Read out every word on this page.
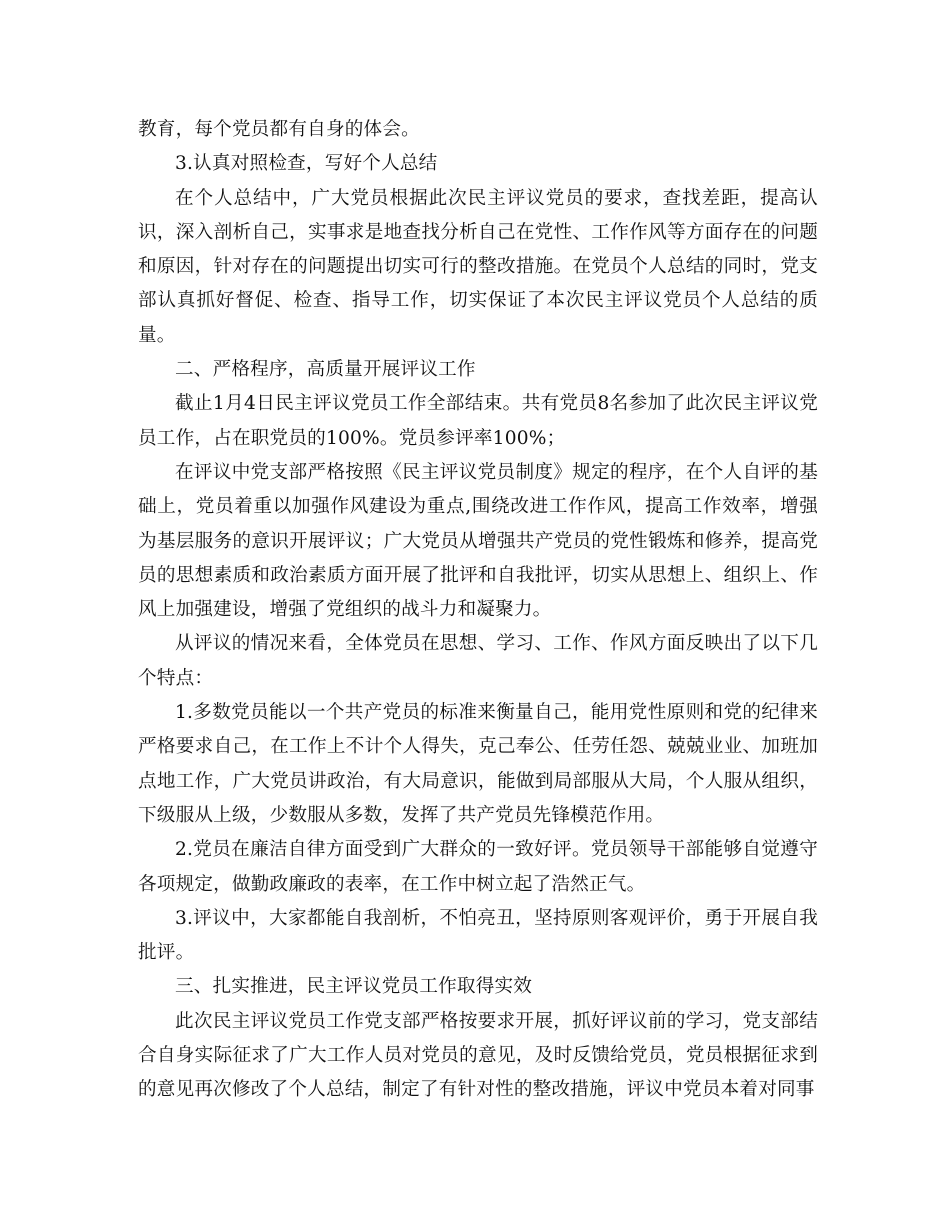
教育，每个党员都有自身的体会。

3.认真对照检查，写好个人总结

在个人总结中，广大党员根据此次民主评议党员的要求，查找差距，提高认识，深入剖析自己，实事求是地查找分析自己在党性、工作作风等方面存在的问题和原因，针对存在的问题提出切实可行的整改措施。在党员个人总结的同时，党支部认真抓好督促、检查、指导工作，切实保证了本次民主评议党员个人总结的质量。

二、严格程序，高质量开展评议工作

截止1月4日民主评议党员工作全部结束。共有党员8名参加了此次民主评议党员工作，占在职党员的100%。党员参评率100%；

在评议中党支部严格按照《民主评议党员制度》规定的程序，在个人自评的基础上，党员着重以加强作风建设为重点,围绕改进工作作风，提高工作效率，增强为基层服务的意识开展评议；广大党员从增强共产党员的党性锻炼和修养，提高党员的思想素质和政治素质方面开展了批评和自我批评，切实从思想上、组织上、作风上加强建设，增强了党组织的战斗力和凝聚力。

从评议的情况来看，全体党员在思想、学习、工作、作风方面反映出了以下几个特点：

1.多数党员能以一个共产党员的标准来衡量自己，能用党性原则和党的纪律来严格要求自己，在工作上不计个人得失，克己奉公、任劳任怨、兢兢业业、加班加点地工作，广大党员讲政治，有大局意识，能做到局部服从大局，个人服从组织，下级服从上级，少数服从多数，发挥了共产党员先锋模范作用。

2.党员在廉洁自律方面受到广大群众的一致好评。党员领导干部能够自觉遵守各项规定，做勤政廉政的表率，在工作中树立起了浩然正气。

3.评议中，大家都能自我剖析，不怕亮丑，坚持原则客观评价，勇于开展自我批评。

三、扎实推进，民主评议党员工作取得实效

此次民主评议党员工作党支部严格按要求开展，抓好评议前的学习，党支部结合自身实际征求了广大工作人员对党员的意见，及时反馈给党员，党员根据征求到的意见再次修改了个人总结，制定了有针对性的整改措施，评议中党员本着对同事
